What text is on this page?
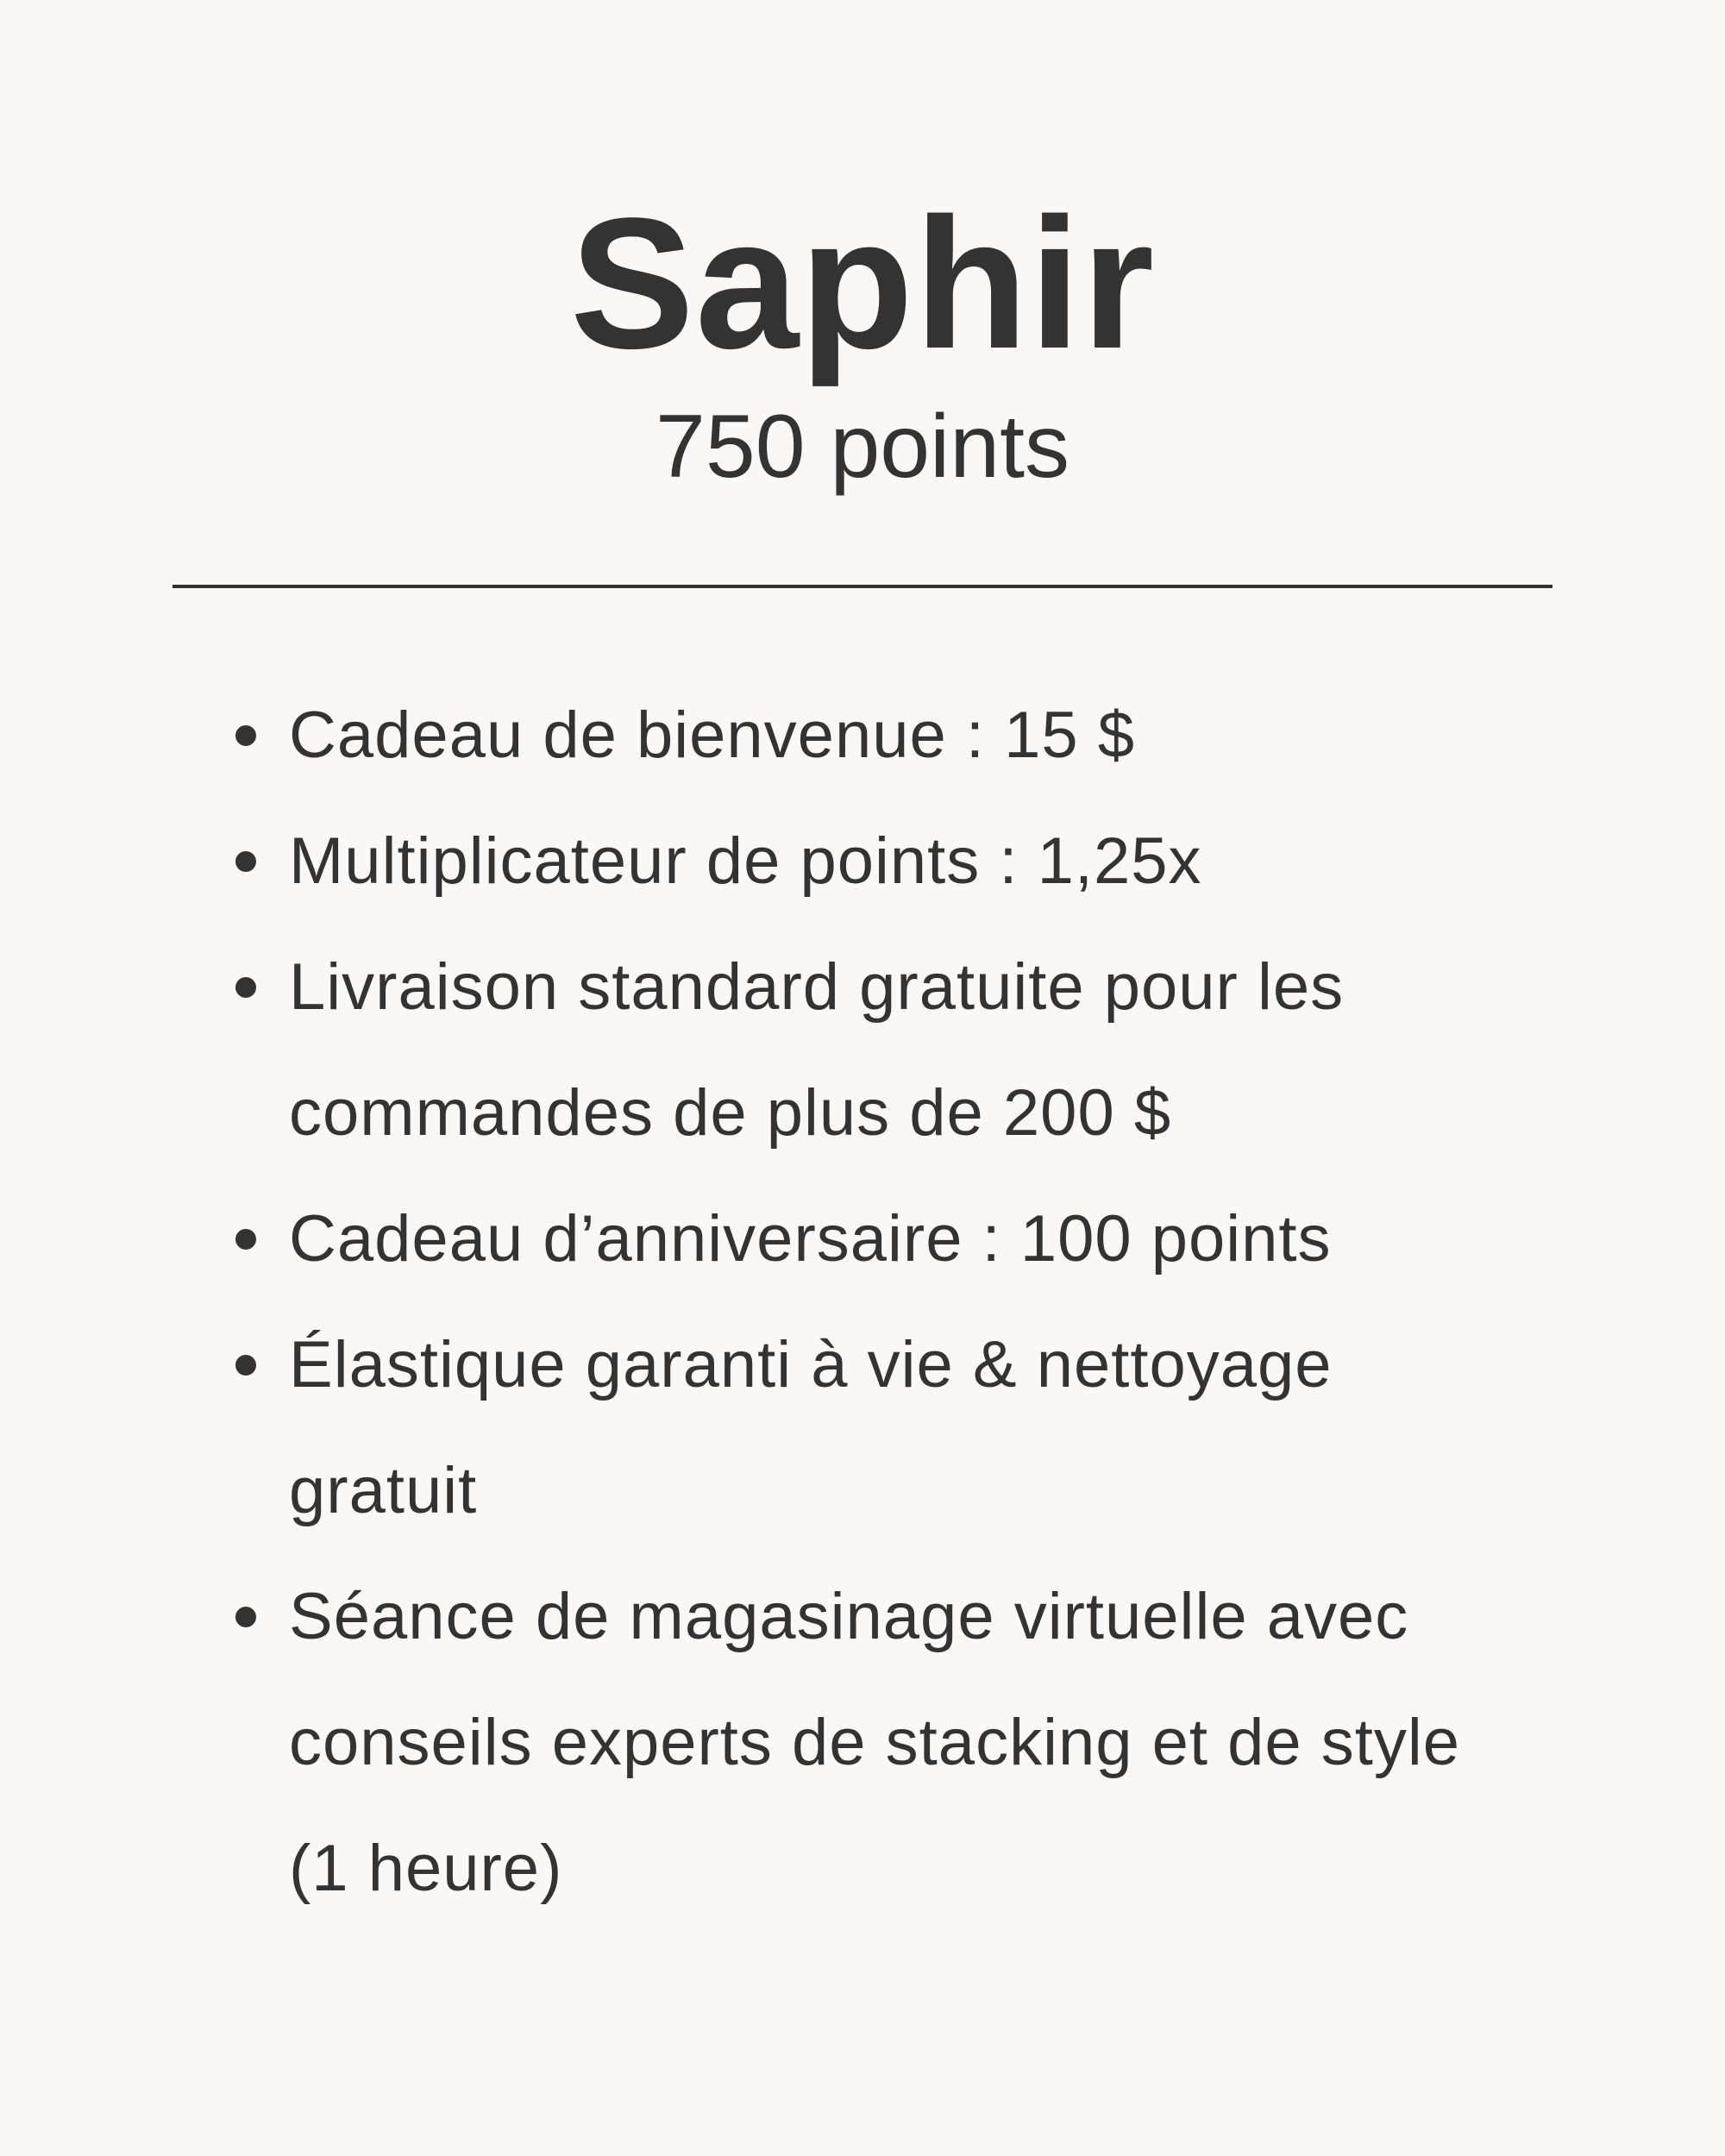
Saphir
750 points
Cadeau de bienvenue : 15 $
Multiplicateur de points : 1,25x
Livraison standard gratuite pour les
commandes de plus de 200 $
Cadeau d’anniversaire : 100 points
Élastique garanti à vie & nettoyage
gratuit
Séance de magasinage virtuelle avec
conseils experts de stacking et de style
(1 heure)
